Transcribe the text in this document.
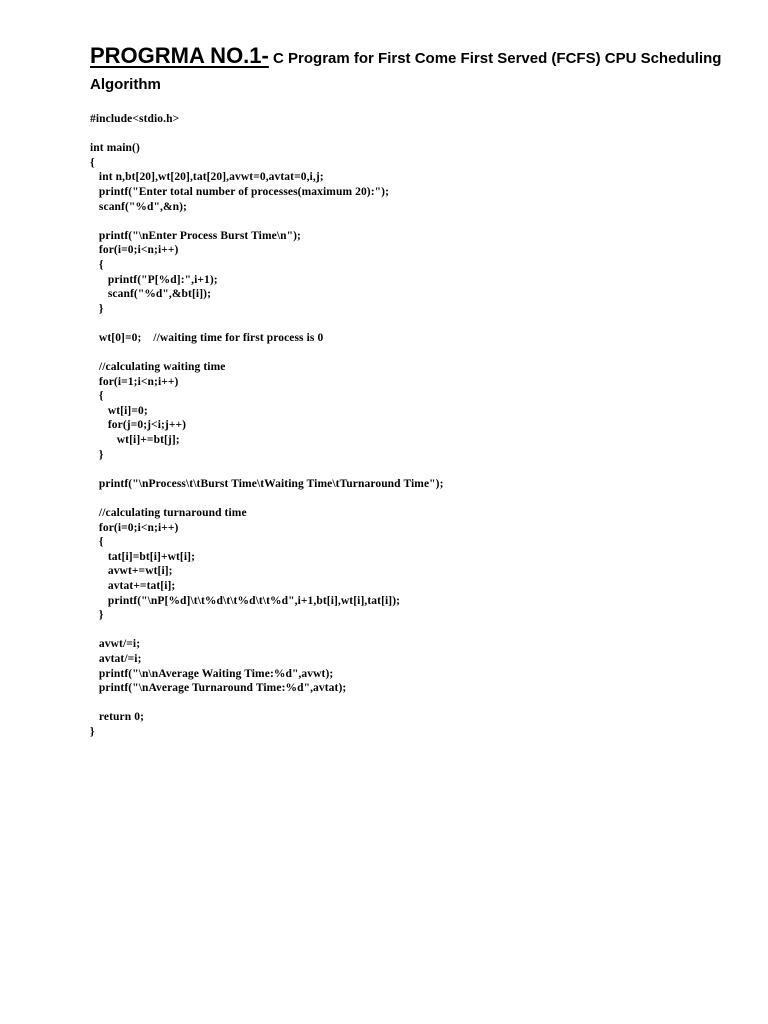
PROGRMA NO.1- C Program for First Come First Served (FCFS) CPU Scheduling Algorithm
#include<stdio.h>
int main()
{
int n,bt[20],wt[20],tat[20],avwt=0,avtat=0,i,j;
printf("Enter total number of processes(maximum 20):");
scanf("%d",&n);
printf("\nEnter Process Burst Time\n");
for(i=0;i<n;i++)
{
printf("P[%d]:",i+1);
scanf("%d",&bt[i]);
}
wt[0]=0;    //waiting time for first process is 0
//calculating waiting time
for(i=1;i<n;i++)
{
wt[i]=0;
for(j=0;j<i;j++)
wt[i]+=bt[j];
}
printf("\nProcess\t\tBurst Time\tWaiting Time\tTurnaround Time");
//calculating turnaround time
for(i=0;i<n;i++)
{
tat[i]=bt[i]+wt[i];
avwt+=wt[i];
avtat+=tat[i];
printf("\nP[%d]\t\t%d\t\t%d\t\t%d",i+1,bt[i],wt[i],tat[i]);
}
avwt/=i;
avtat/=i;
printf("\n\nAverage Waiting Time:%d",avwt);
printf("\nAverage Turnaround Time:%d",avtat);
return 0;
}
